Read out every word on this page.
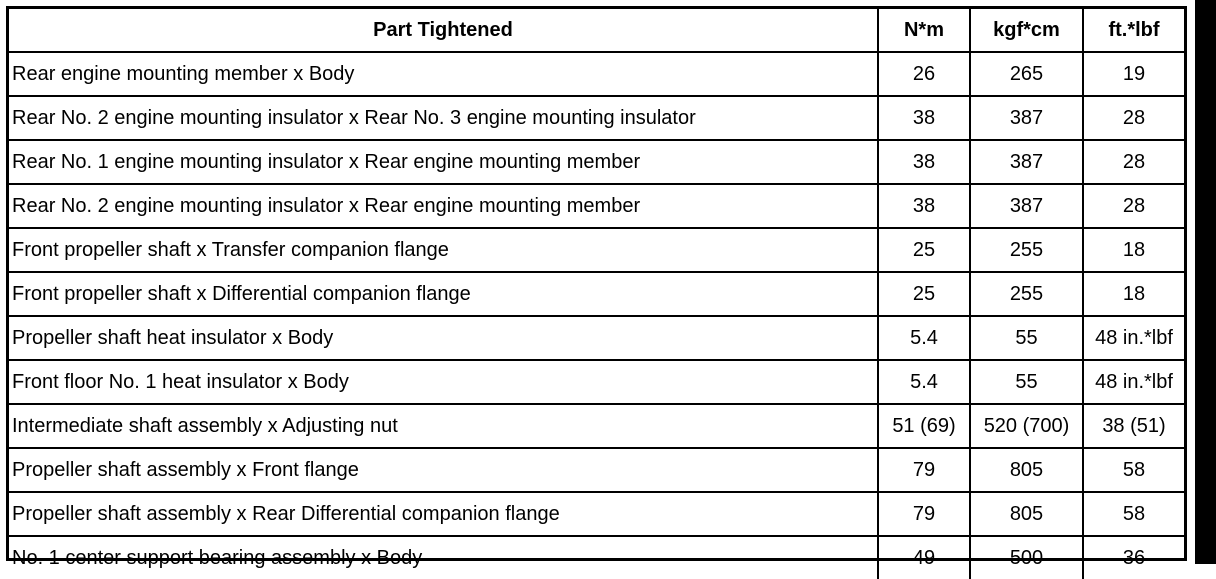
Part Tightened	N*m	kgf*cm	ft.*lbf
Rear engine mounting member x Body	26	265	19
Rear No. 2 engine mounting insulator x Rear No. 3 engine mounting insulator	38	387	28
Rear No. 1 engine mounting insulator x Rear engine mounting member	38	387	28
Rear No. 2 engine mounting insulator x Rear engine mounting member	38	387	28
Front propeller shaft x Transfer companion flange	25	255	18
Front propeller shaft x Differential companion flange	25	255	18
Propeller shaft heat insulator x Body	5.4	55	48 in.*lbf
Front floor No. 1 heat insulator x Body	5.4	55	48 in.*lbf
Intermediate shaft assembly x Adjusting nut	51 (69)	520 (700)	38 (51)
Propeller shaft assembly x Front flange	79	805	58
Propeller shaft assembly x Rear Differential companion flange	79	805	58
No. 1 center support bearing assembly x Body	49	500	36
